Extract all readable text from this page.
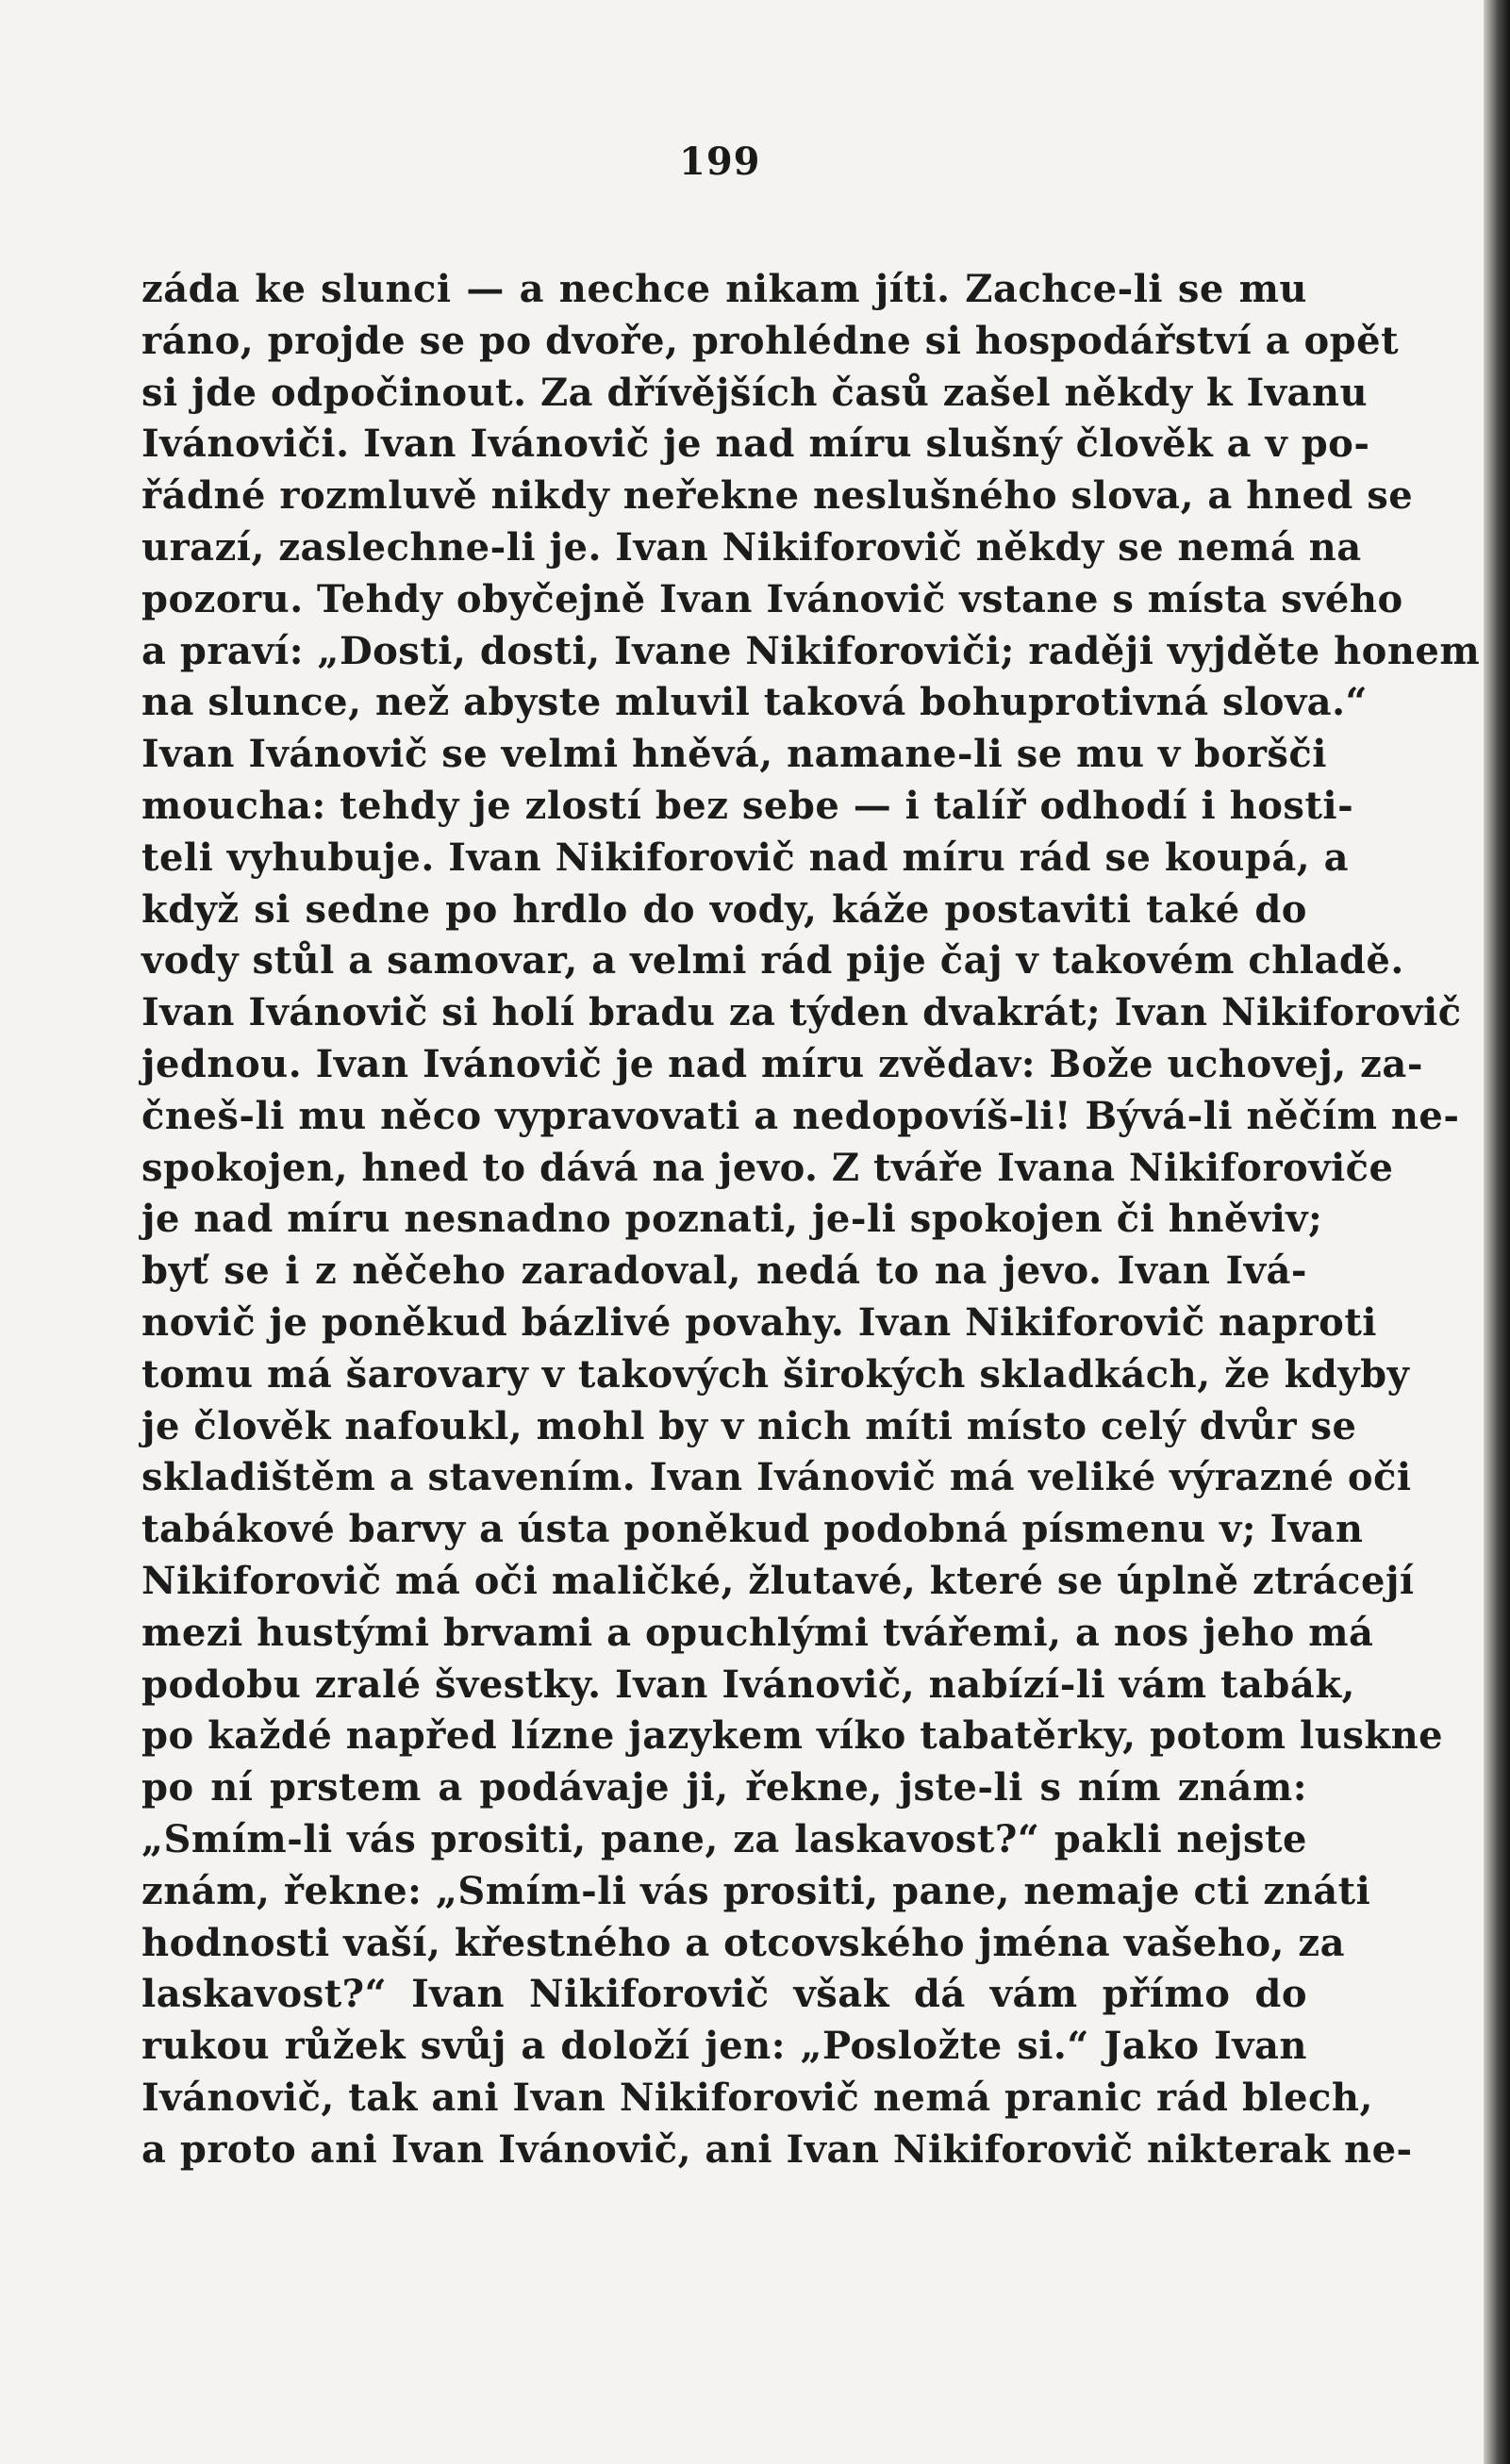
199
záda ke slunci — a nechce nikam jíti. Zachce-li se mu
ráno, projde se po dvoře, prohlédne si hospodářství a opět
si jde odpočinout. Za dřívějších časů zašel někdy k Ivanu
Ivánoviči. Ivan Ivánovič je nad míru slušný člověk a v po-
řádné rozmluvě nikdy neřekne neslušného slova, a hned se
urazí, zaslechne-li je. Ivan Nikiforovič někdy se nemá na
pozoru. Tehdy obyčejně Ivan Ivánovič vstane s místa svého
a praví: „Dosti, dosti, Ivane Nikiforoviči; raději vyjděte honem
na slunce, než abyste mluvil taková bohuprotivná slova.“
Ivan Ivánovič se velmi hněvá, namane-li se mu v boršči
moucha: tehdy je zlostí bez sebe — i talíř odhodí i hosti-
teli vyhubuje. Ivan Nikiforovič nad míru rád se koupá, a
když si sedne po hrdlo do vody, káže postaviti také do
vody stůl a samovar, a velmi rád pije čaj v takovém chladě.
Ivan Ivánovič si holí bradu za týden dvakrát; Ivan Nikiforovič
jednou. Ivan Ivánovič je nad míru zvědav: Bože uchovej, za-
čneš-li mu něco vypravovati a nedopovíš-li! Bývá-li něčím ne-
spokojen, hned to dává na jevo. Z tváře Ivana Nikiforoviče
je nad míru nesnadno poznati, je-li spokojen či hněviv;
byť se i z něčeho zaradoval, nedá to na jevo. Ivan Ivá-
novič je poněkud bázlivé povahy. Ivan Nikiforovič naproti
tomu má šarovary v takových širokých skladkách, že kdyby
je člověk nafoukl, mohl by v nich míti místo celý dvůr se
skladištěm a stavením. Ivan Ivánovič má veliké výrazné oči
tabákové barvy a ústa poněkud podobná písmenu v; Ivan
Nikiforovič má oči maličké, žlutavé, které se úplně ztrácejí
mezi hustými brvami a opuchlými tvářemi, a nos jeho má
podobu zralé švestky. Ivan Ivánovič, nabízí-li vám tabák,
po každé napřed lízne jazykem víko tabatěrky, potom luskne
po ní prstem a podávaje ji, řekne, jste-li s ním znám:
„Smím-li vás prositi, pane, za laskavost?“ pakli nejste
znám, řekne: „Smím-li vás prositi, pane, nemaje cti znáti
hodnosti vaší, křestného a otcovského jména vašeho, za
laskavost?“ Ivan Nikiforovič však dá vám přímo do
rukou růžek svůj a doloží jen: „Posložte si.“ Jako Ivan
Ivánovič, tak ani Ivan Nikiforovič nemá pranic rád blech,
a proto ani Ivan Ivánovič, ani Ivan Nikiforovič nikterak ne-
